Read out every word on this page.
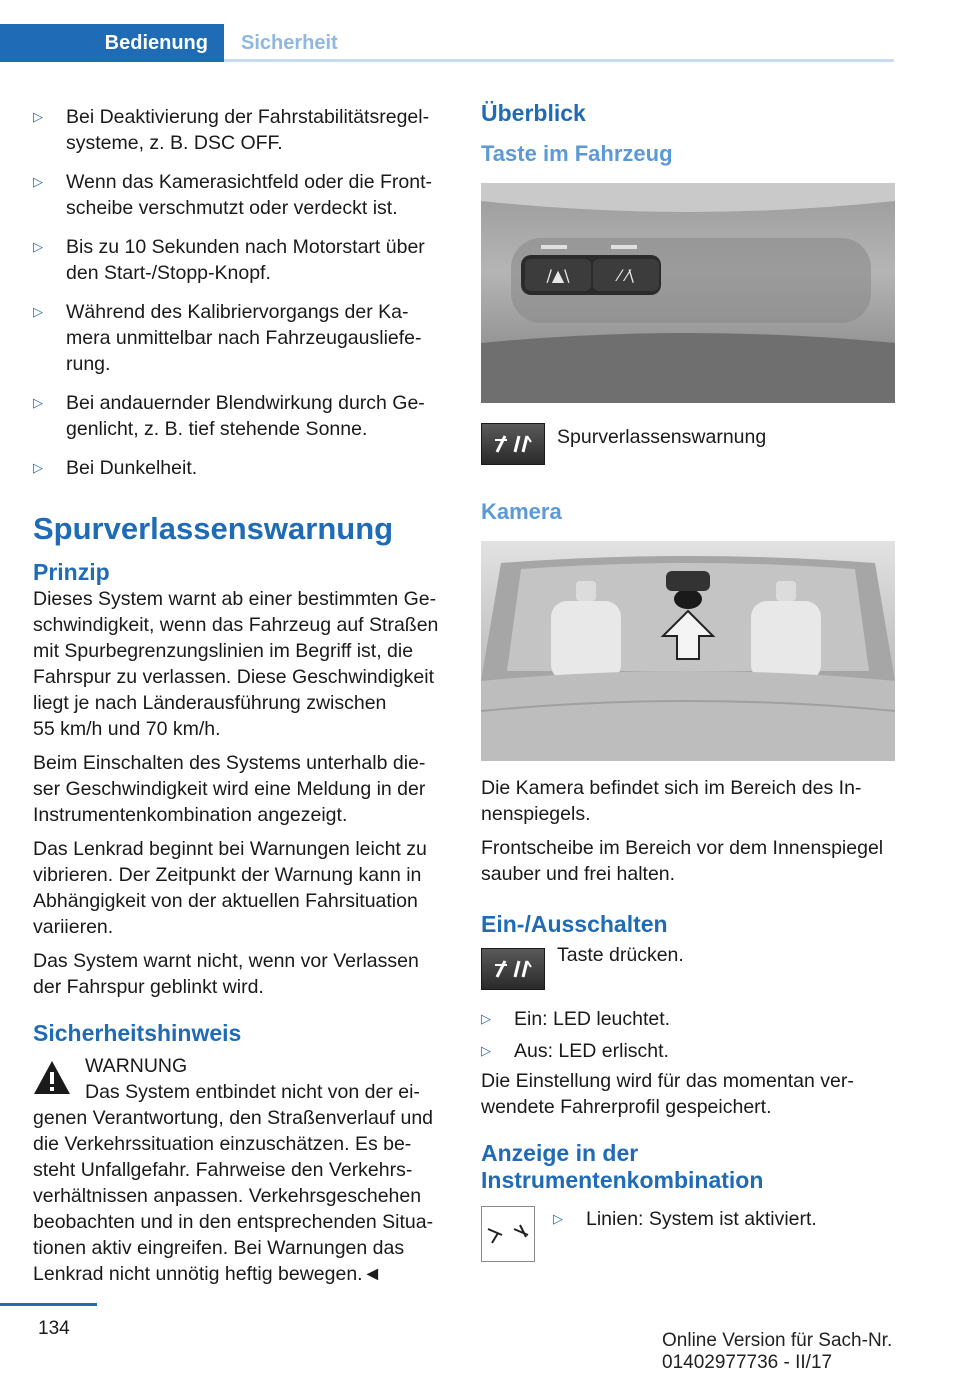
Bedienung	Sicherheit
▷	Bei Deaktivierung der Fahrstabilitätsregel-
systeme, z. B. DSC OFF.
▷	Wenn das Kamerasichtfeld oder die Front-
scheibe verschmutzt oder verdeckt ist.
▷	Bis zu 10 Sekunden nach Motorstart über
den Start-/Stopp-Knopf.
▷	Während des Kalibriervorgangs der Ka-
mera unmittelbar nach Fahrzeugausliefe-
rung.
▷	Bei andauernder Blendwirkung durch Ge-
genlicht, z. B. tief stehende Sonne.
▷	Bei Dunkelheit.
Spurverlassenswarnung
Prinzip

Dieses System warnt ab einer bestimmten Ge-
schwindigkeit, wenn das Fahrzeug auf Straßen
mit Spurbegrenzungslinien im Begriff ist, die
Fahrspur zu verlassen. Diese Geschwindigkeit
liegt je nach Länderausführung zwischen
55 km/h und 70 km/h.

Beim Einschalten des Systems unterhalb die-
ser Geschwindigkeit wird eine Meldung in der
Instrumentenkombination angezeigt.

Das Lenkrad beginnt bei Warnungen leicht zu
vibrieren. Der Zeitpunkt der Warnung kann in
Abhängigkeit von der aktuellen Fahrsituation
variieren.

Das System warnt nicht, wenn vor Verlassen
der Fahrspur geblinkt wird.

Sicherheitshinweis
WARNUNG
Das System entbindet nicht von der ei-
genen Verantwortung, den Straßenverlauf und
die Verkehrssituation einzuschätzen. Es be-
steht Unfallgefahr. Fahrweise den Verkehrs-
verhältnissen anpassen. Verkehrsgeschehen
beobachten und in den entsprechenden Situa-
tionen aktiv eingreifen. Bei Warnungen das
Lenkrad nicht unnötig heftig bewegen.◄
Überblick
Taste im Fahrzeug
/▲\	⁄ ⁄\
Spurverlassenswarnung
Kamera

Die Kamera befindet sich im Bereich des In-
nenspiegels.

Frontscheibe im Bereich vor dem Innenspiegel
sauber und frei halten.

Ein-/Ausschalten
Taste drücken.
▷	Ein: LED leuchtet.
▷	Aus: LED erlischt.

Die Einstellung wird für das momentan ver-
wendete Fahrerprofil gespeichert.

Anzeige in der
Instrumentenkombination
▷	Linien: System ist aktiviert.
134
Online Version für Sach-Nr. 01402977736 - II/17
